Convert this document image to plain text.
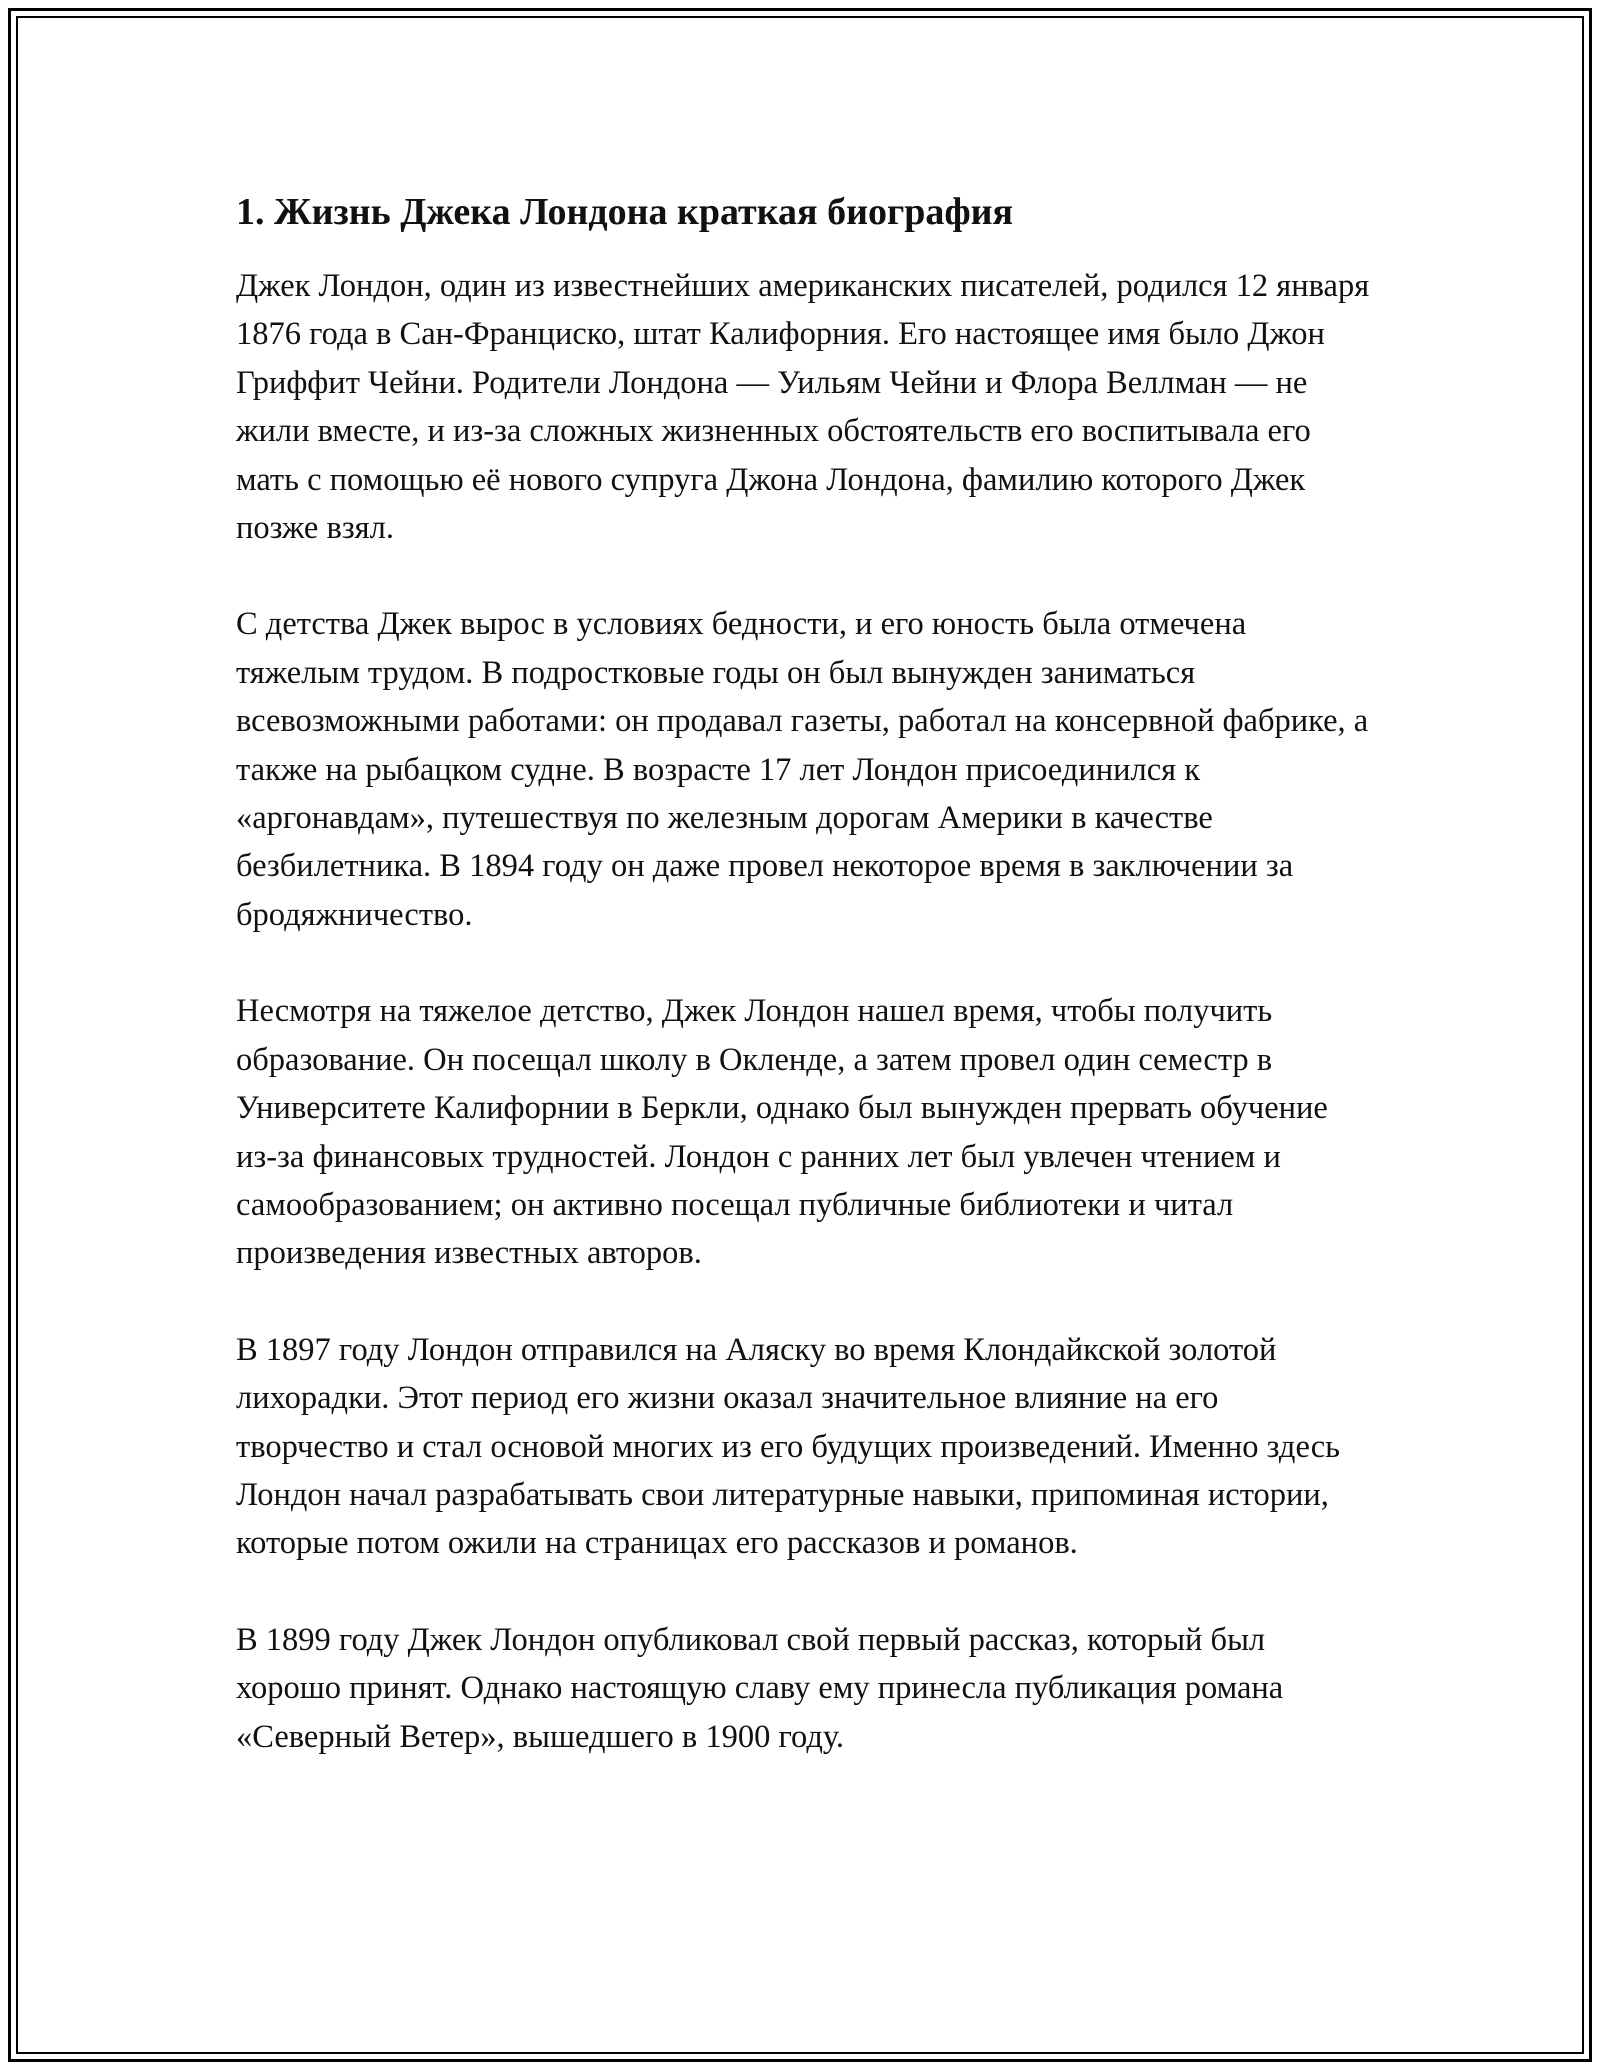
1. Жизнь Джека Лондона краткая биография

Джек Лондон, один из известнейших американских писателей, родился 12 января 1876 года в Сан-Франциско, штат Калифорния. Его настоящее имя было Джон Гриффит Чейни. Родители Лондона — Уильям Чейни и Флора Веллман — не жили вместе, и из-за сложных жизненных обстоятельств его воспитывала его мать с помощью её нового супруга Джона Лондона, фамилию которого Джек позже взял.

С детства Джек вырос в условиях бедности, и его юность была отмечена тяжелым трудом. В подростковые годы он был вынужден заниматься всевозможными работами: он продавал газеты, работал на консервной фабрике, а также на рыбацком судне. В возрасте 17 лет Лондон присоединился к «аргонавдам», путешествуя по железным дорогам Америки в качестве безбилетника. В 1894 году он даже провел некоторое время в заключении за бродяжничество.

Несмотря на тяжелое детство, Джек Лондон нашел время, чтобы получить образование. Он посещал школу в Окленде, а затем провел один семестр в Университете Калифорнии в Беркли, однако был вынужден прервать обучение из-за финансовых трудностей. Лондон с ранних лет был увлечен чтением и самообразованием; он активно посещал публичные библиотеки и читал произведения известных авторов.

В 1897 году Лондон отправился на Аляску во время Клондайкской золотой лихорадки. Этот период его жизни оказал значительное влияние на его творчество и стал основой многих из его будущих произведений. Именно здесь Лондон начал разрабатывать свои литературные навыки, припоминая истории, которые потом ожили на страницах его рассказов и романов.

В 1899 году Джек Лондон опубликовал свой первый рассказ, который был хорошо принят. Однако настоящую славу ему принесла публикация романа «Северный Ветер», вышедшего в 1900 году.
